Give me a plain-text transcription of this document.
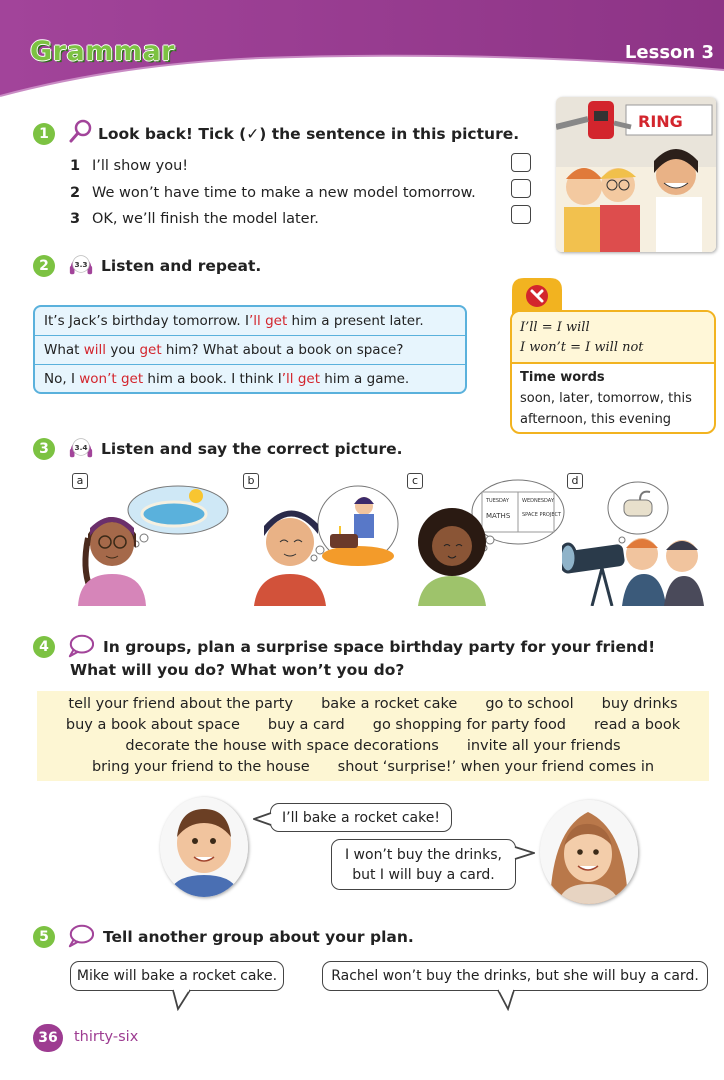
Grammar	Lesson 3
1	Look back! Tick (✓) the sentence in this picture.
1 I’ll show you!
2 We won’t have time to make a new model tomorrow.
3 OK, we’ll finish the model later.
RING
2	3.3 Listen and repeat.
It’s Jack’s birthday tomorrow. I’ll get him a present later.
What will you get him? What about a book on space?
No, I won’t get him a book. I think I’ll get him a game.
I’ll = I will
I won’t = I will not
Time words
soon, later, tomorrow, this afternoon, this evening
3	3.4 Listen and say the correct picture.
a	b	c	d
TUESDAY	WEDNESDAY
MATHS SPACE PROJECT
4	In groups, plan a surprise space birthday party for your friend!
What will you do? What won’t you do?
tell your friend about the party bake a rocket cake go to school buy drinks
buy a book about space buy a card go shopping for party food read a book
decorate the house with space decorations invite all your friends
bring your friend to the house shout ‘surprise!’ when your friend comes in
I’ll bake a rocket cake!
I won’t buy the drinks,
but I will buy a card.
5	Tell another group about your plan.
Mike will bake a rocket cake.	Rachel won’t buy the drinks, but she will buy a card.
36	thirty-six
